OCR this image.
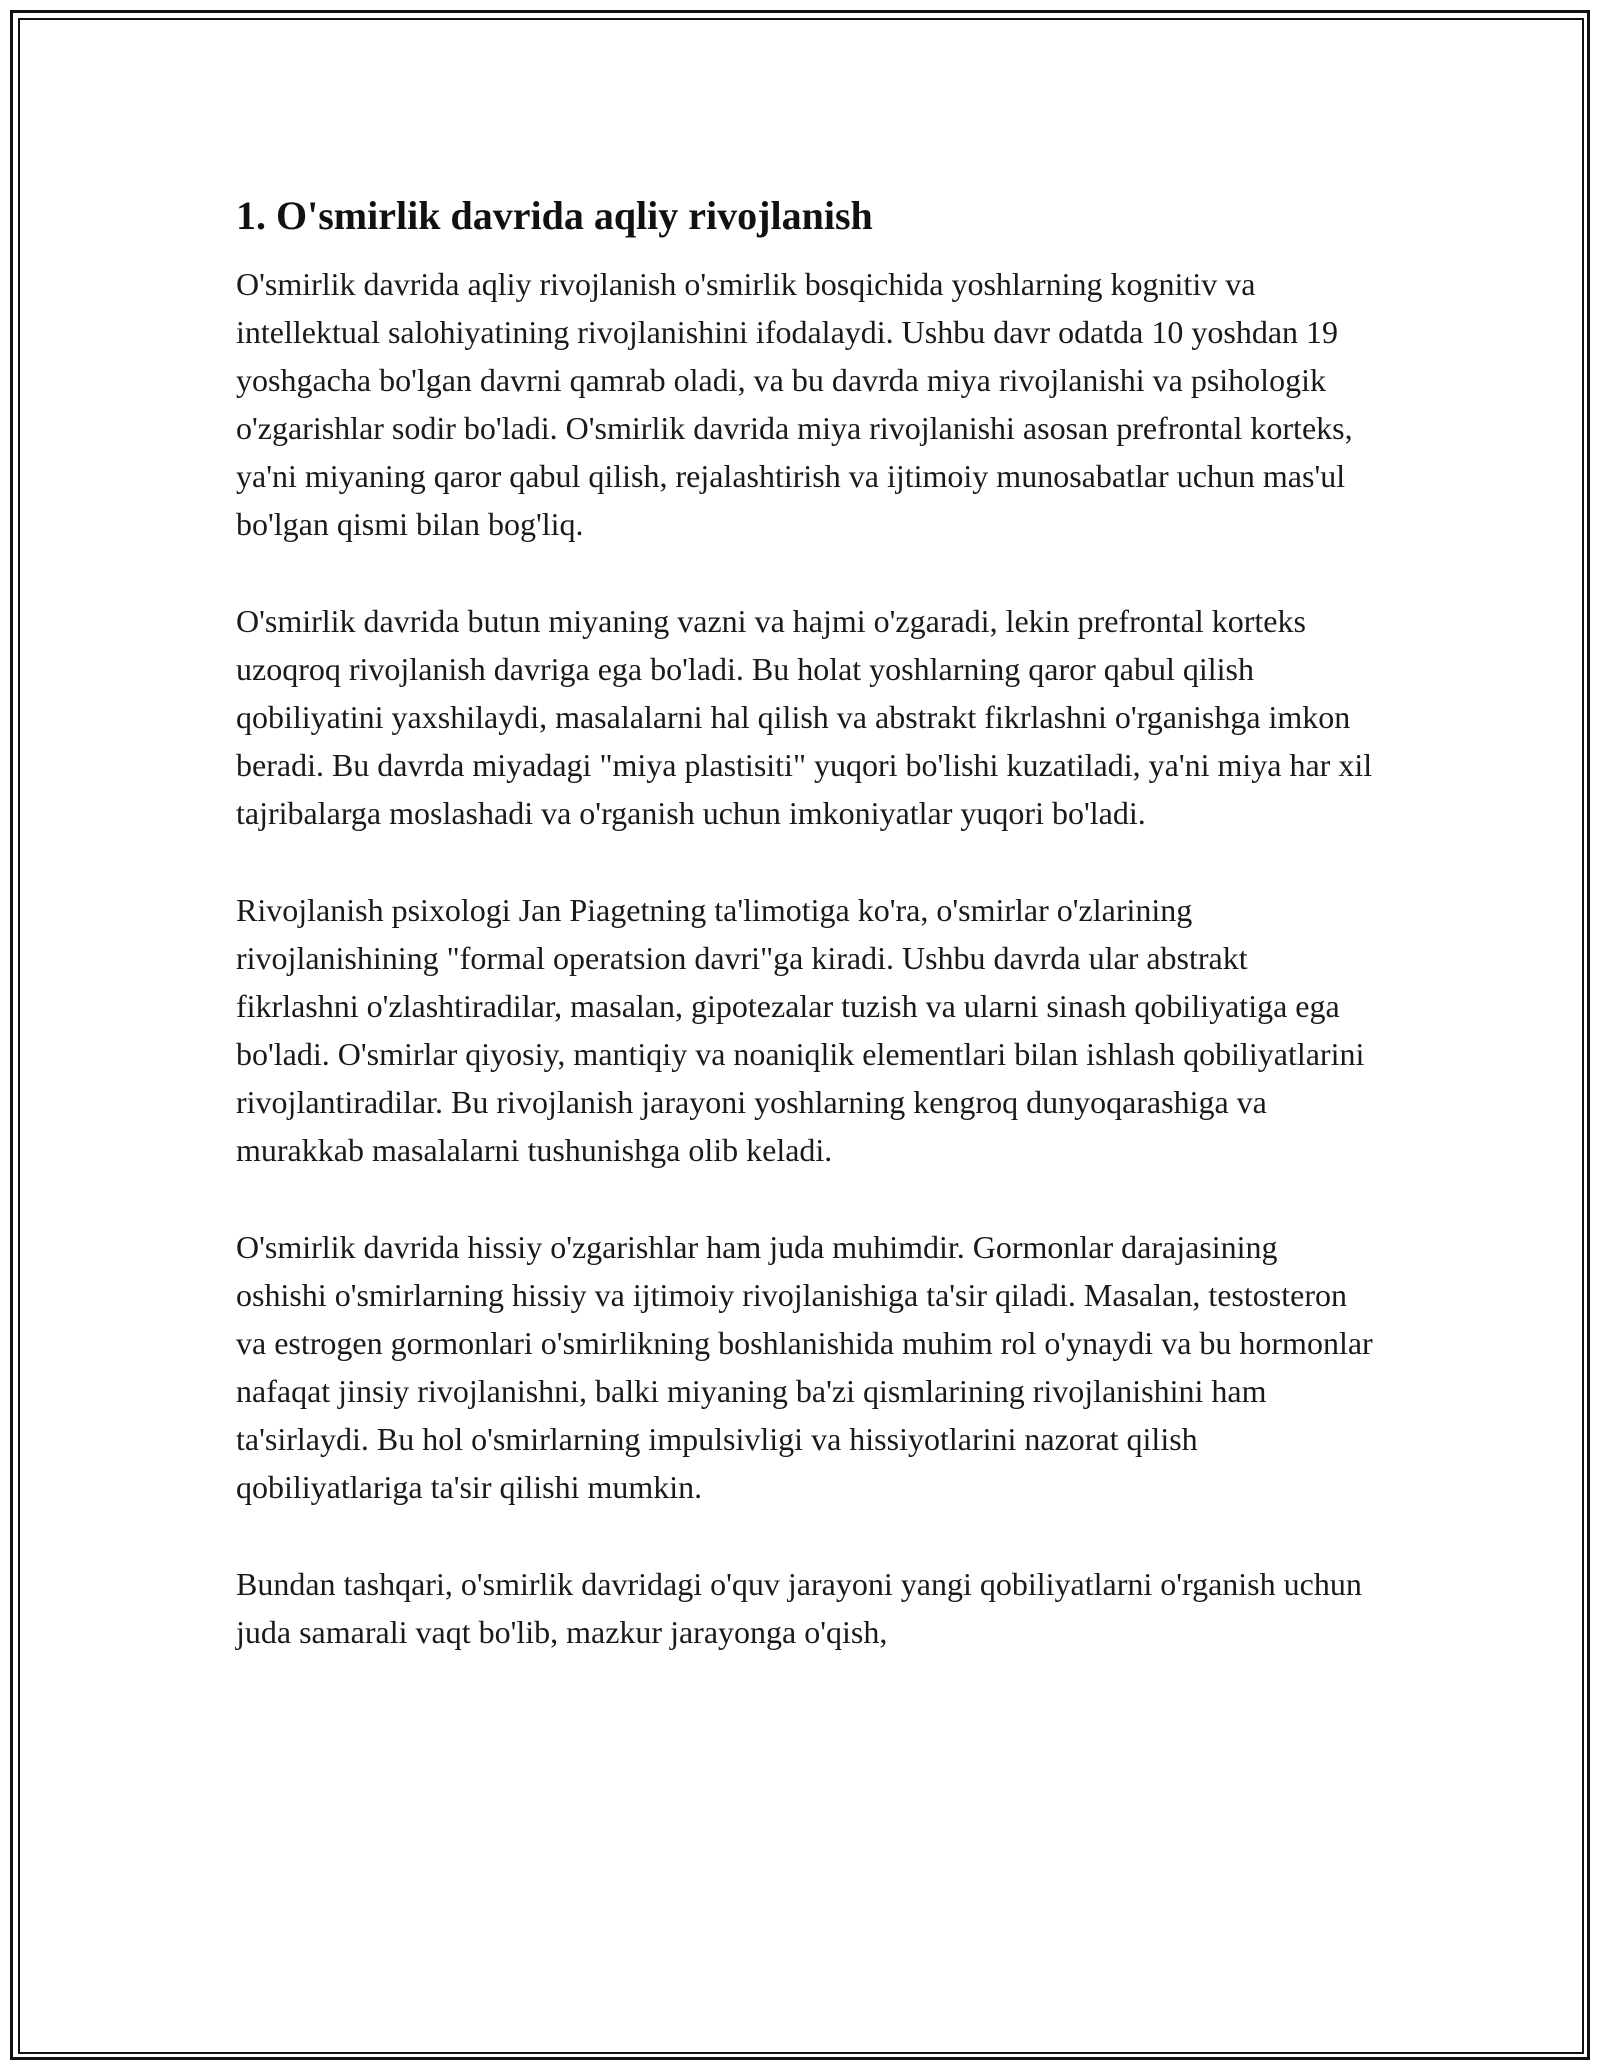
1. O'smirlik davrida aqliy rivojlanish

O'smirlik davrida aqliy rivojlanish o'smirlik bosqichida yoshlarning kognitiv va intellektual salohiyatining rivojlanishini ifodalaydi. Ushbu davr odatda 10 yoshdan 19 yoshgacha bo'lgan davrni qamrab oladi, va bu davrda miya rivojlanishi va psihologik o'zgarishlar sodir bo'ladi. O'smirlik davrida miya rivojlanishi asosan prefrontal korteks, ya'ni miyaning qaror qabul qilish, rejalashtirish va ijtimoiy munosabatlar uchun mas'ul bo'lgan qismi bilan bog'liq.

O'smirlik davrida butun miyaning vazni va hajmi o'zgaradi, lekin prefrontal korteks uzoqroq rivojlanish davriga ega bo'ladi. Bu holat yoshlarning qaror qabul qilish qobiliyatini yaxshilaydi, masalalarni hal qilish va abstrakt fikrlashni o'rganishga imkon beradi. Bu davrda miyadagi "miya plastisiti" yuqori bo'lishi kuzatiladi, ya'ni miya har xil tajribalarga moslashadi va o'rganish uchun imkoniyatlar yuqori bo'ladi.

Rivojlanish psixologi Jan Piagetning ta'limotiga ko'ra, o'smirlar o'zlarining rivojlanishining "formal operatsion davri"ga kiradi. Ushbu davrda ular abstrakt fikrlashni o'zlashtiradilar, masalan, gipotezalar tuzish va ularni sinash qobiliyatiga ega bo'ladi. O'smirlar qiyosiy, mantiqiy va noaniqlik elementlari bilan ishlash qobiliyatlarini rivojlantiradilar. Bu rivojlanish jarayoni yoshlarning kengroq dunyoqarashiga va murakkab masalalarni tushunishga olib keladi.

O'smirlik davrida hissiy o'zgarishlar ham juda muhimdir. Gormonlar darajasining oshishi o'smirlarning hissiy va ijtimoiy rivojlanishiga ta'sir qiladi. Masalan, testosteron va estrogen gormonlari o'smirlikning boshlanishida muhim rol o'ynaydi va bu hormonlar nafaqat jinsiy rivojlanishni, balki miyaning ba'zi qismlarining rivojlanishini ham ta'sirlaydi. Bu hol o'smirlarning impulsivligi va hissiyotlarini nazorat qilish qobiliyatlariga ta'sir qilishi mumkin.

Bundan tashqari, o'smirlik davridagi o'quv jarayoni yangi qobiliyatlarni o'rganish uchun juda samarali vaqt bo'lib, mazkur jarayonga o'qish,
